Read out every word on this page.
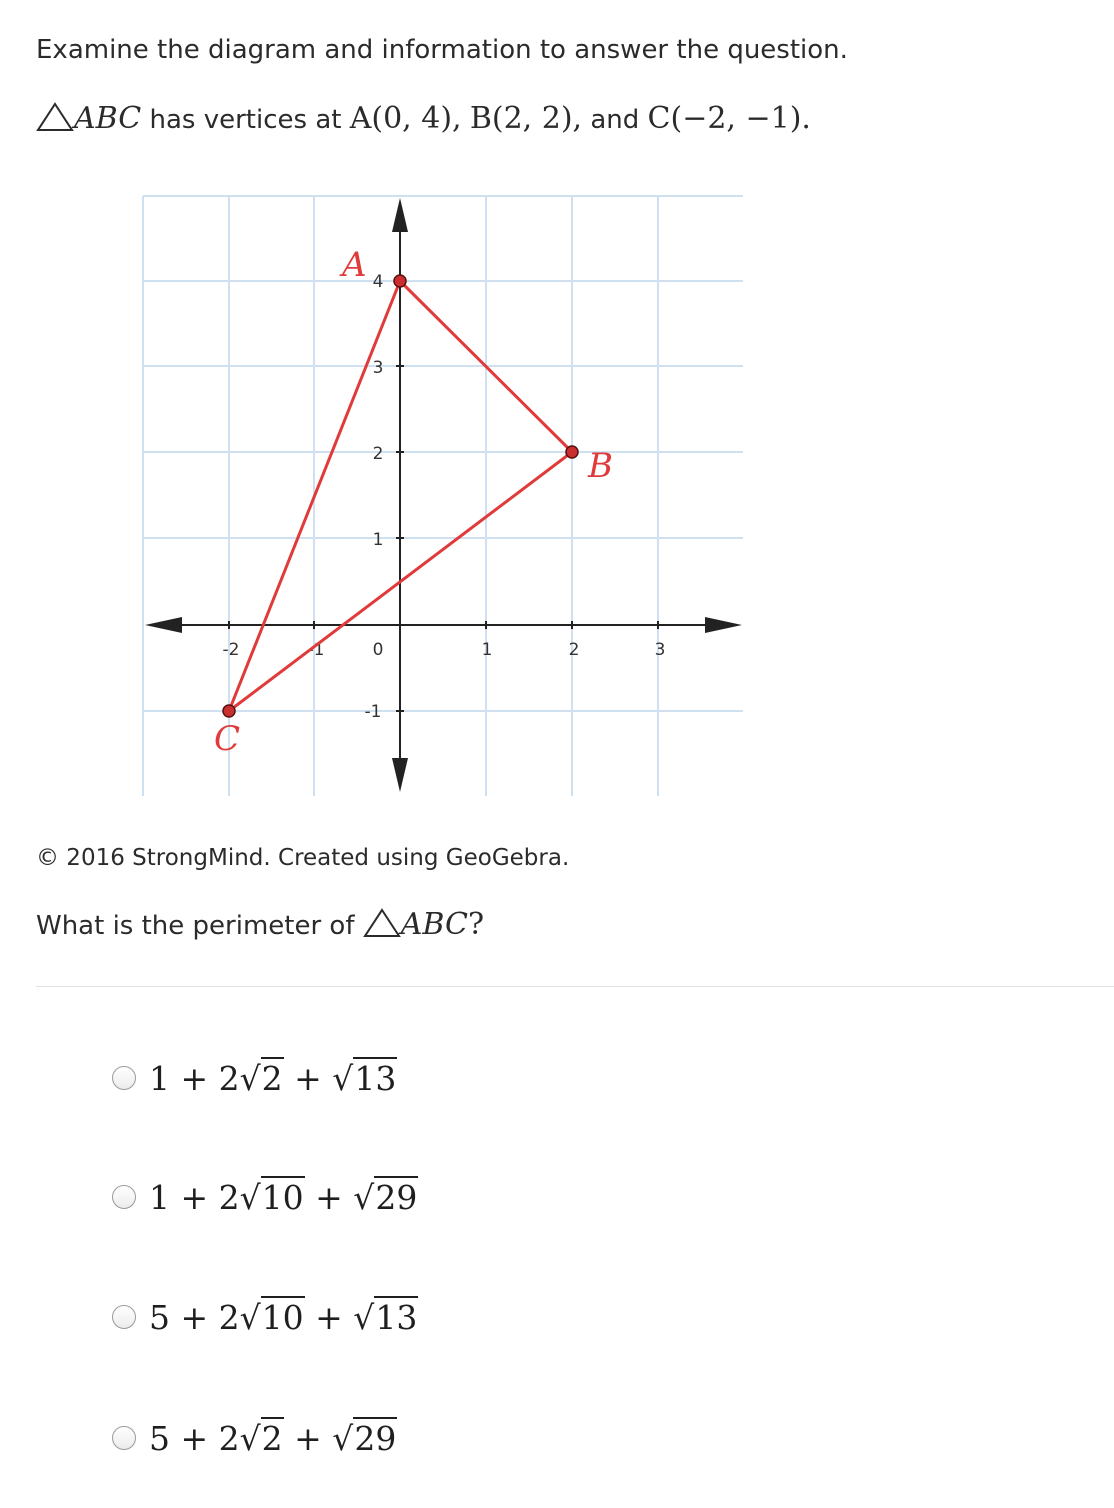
Examine the diagram and information to answer the question.
ABC has vertices at A(0, 4), B(2, 2), and C(−2, −1).
-2	-1	0	1	2	3
4
3
2
1
-1
A
B
C
© 2016 StrongMind. Created using GeoGebra.
What is the perimeter of ABC?
1 + 2√2 + √13
1 + 2√10 + √29
5 + 2√10 + √13
5 + 2√2 + √29
